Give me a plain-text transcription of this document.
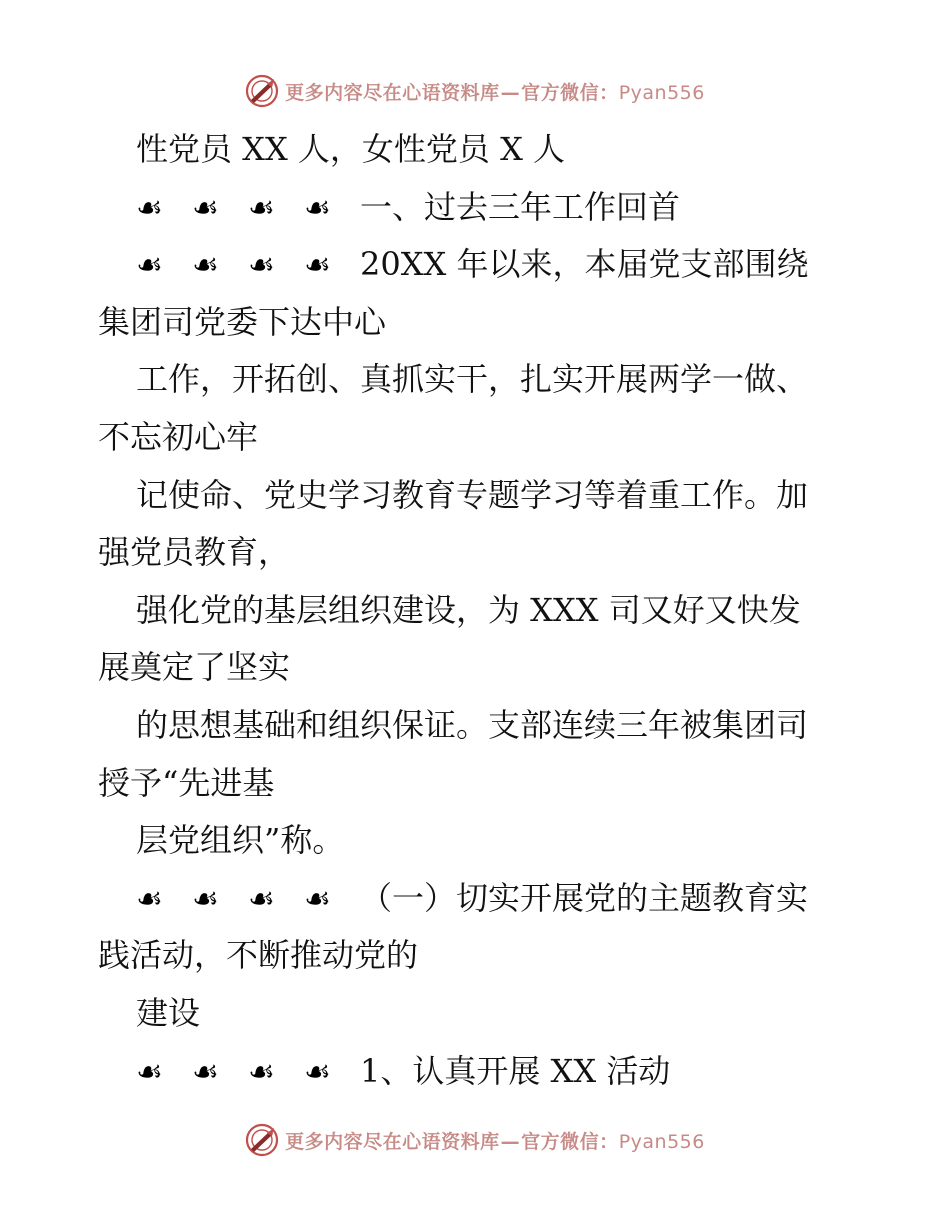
更多内容尽在心语资料库—官方微信：Pyan556
性党员 XX 人，女性党员 X 人
☙ ☙ ☙ ☙ 一、过去三年工作回首
☙ ☙ ☙ ☙ 20XX 年以来，本届党支部围绕
集团司党委下达中心
工作，开拓创、真抓实干，扎实开展两学一做、
不忘初心牢
记使命、党史学习教育专题学习等着重工作。加
强党员教育，
强化党的基层组织建设，为 XXX 司又好又快发
展奠定了坚实
的思想基础和组织保证。支部连续三年被集团司
授予“先进基
层党组织”称。
☙ ☙ ☙ ☙ （一）切实开展党的主题教育实
践活动，不断推动党的
建设
☙ ☙ ☙ ☙ 1、认真开展 XX 活动
更多内容尽在心语资料库—官方微信：Pyan556
